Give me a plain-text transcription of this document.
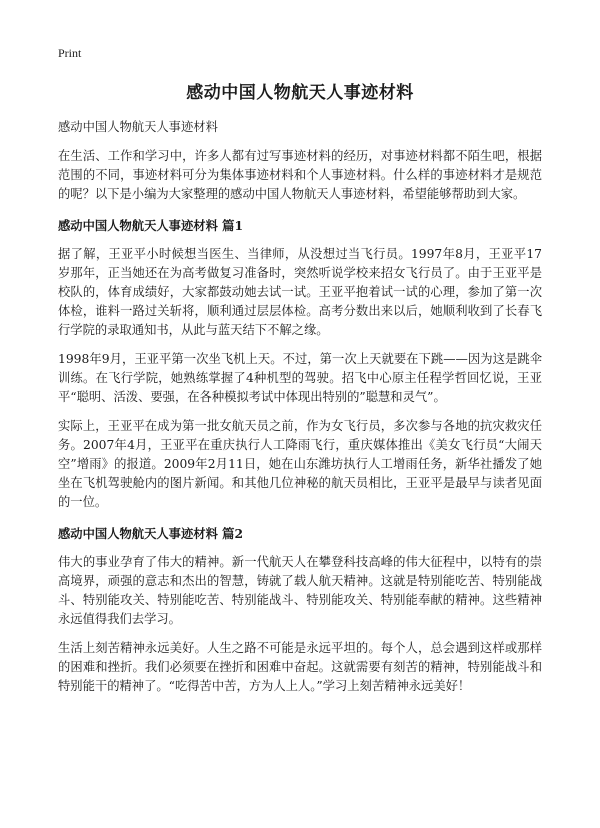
Print
感动中国人物航天人事迹材料

感动中国人物航天人事迹材料

在生活、工作和学习中，许多人都有过写事迹材料的经历，对事迹材料都不陌生吧，根据范围的不同，事迹材料可分为集体事迹材料和个人事迹材料。什么样的事迹材料才是规范的呢？以下是小编为大家整理的感动中国人物航天人事迹材料，希望能够帮助到大家。

感动中国人物航天人事迹材料 篇1

据了解，王亚平小时候想当医生、当律师，从没想过当飞行员。1997年8月，王亚平17岁那年，正当她还在为高考做复习准备时，突然听说学校来招女飞行员了。由于王亚平是校队的，体育成绩好，大家都鼓动她去试一试。王亚平抱着试一试的心理，参加了第一次体检，谁料一路过关斩将，顺利通过层层体检。高考分数出来以后，她顺利收到了长春飞行学院的录取通知书，从此与蓝天结下不解之缘。

1998年9月，王亚平第一次坐飞机上天。不过，第一次上天就要在下跳——因为这是跳伞训练。在飞行学院，她熟练掌握了4种机型的驾驶。招飞中心原主任程学哲回忆说，王亚平“聪明、活泼、要强，在各种模拟考试中体现出特别的”聪慧和灵气”。

实际上，王亚平在成为第一批女航天员之前，作为女飞行员，多次参与各地的抗灾救灾任务。2007年4月，王亚平在重庆执行人工降雨飞行，重庆媒体推出《美女飞行员“大闹天空”增雨》的报道。2009年2月11日，她在山东潍坊执行人工增雨任务，新华社播发了她坐在飞机驾驶舱内的图片新闻。和其他几位神秘的航天员相比，王亚平是最早与读者见面的一位。

感动中国人物航天人事迹材料 篇2

伟大的事业孕育了伟大的精神。新一代航天人在攀登科技高峰的伟大征程中，以特有的崇高境界，顽强的意志和杰出的智慧，铸就了载人航天精神。这就是特别能吃苦、特别能战斗、特别能攻关、特别能吃苦、特别能战斗、特别能攻关、特别能奉献的精神。这些精神永远值得我们去学习。

生活上刻苦精神永远美好。人生之路不可能是永远平坦的。每个人，总会遇到这样或那样的困难和挫折。我们必须要在挫折和困难中奋起。这就需要有刻苦的精神，特别能战斗和特别能干的精神了。“吃得苦中苦，方为人上人。”学习上刻苦精神永远美好！
